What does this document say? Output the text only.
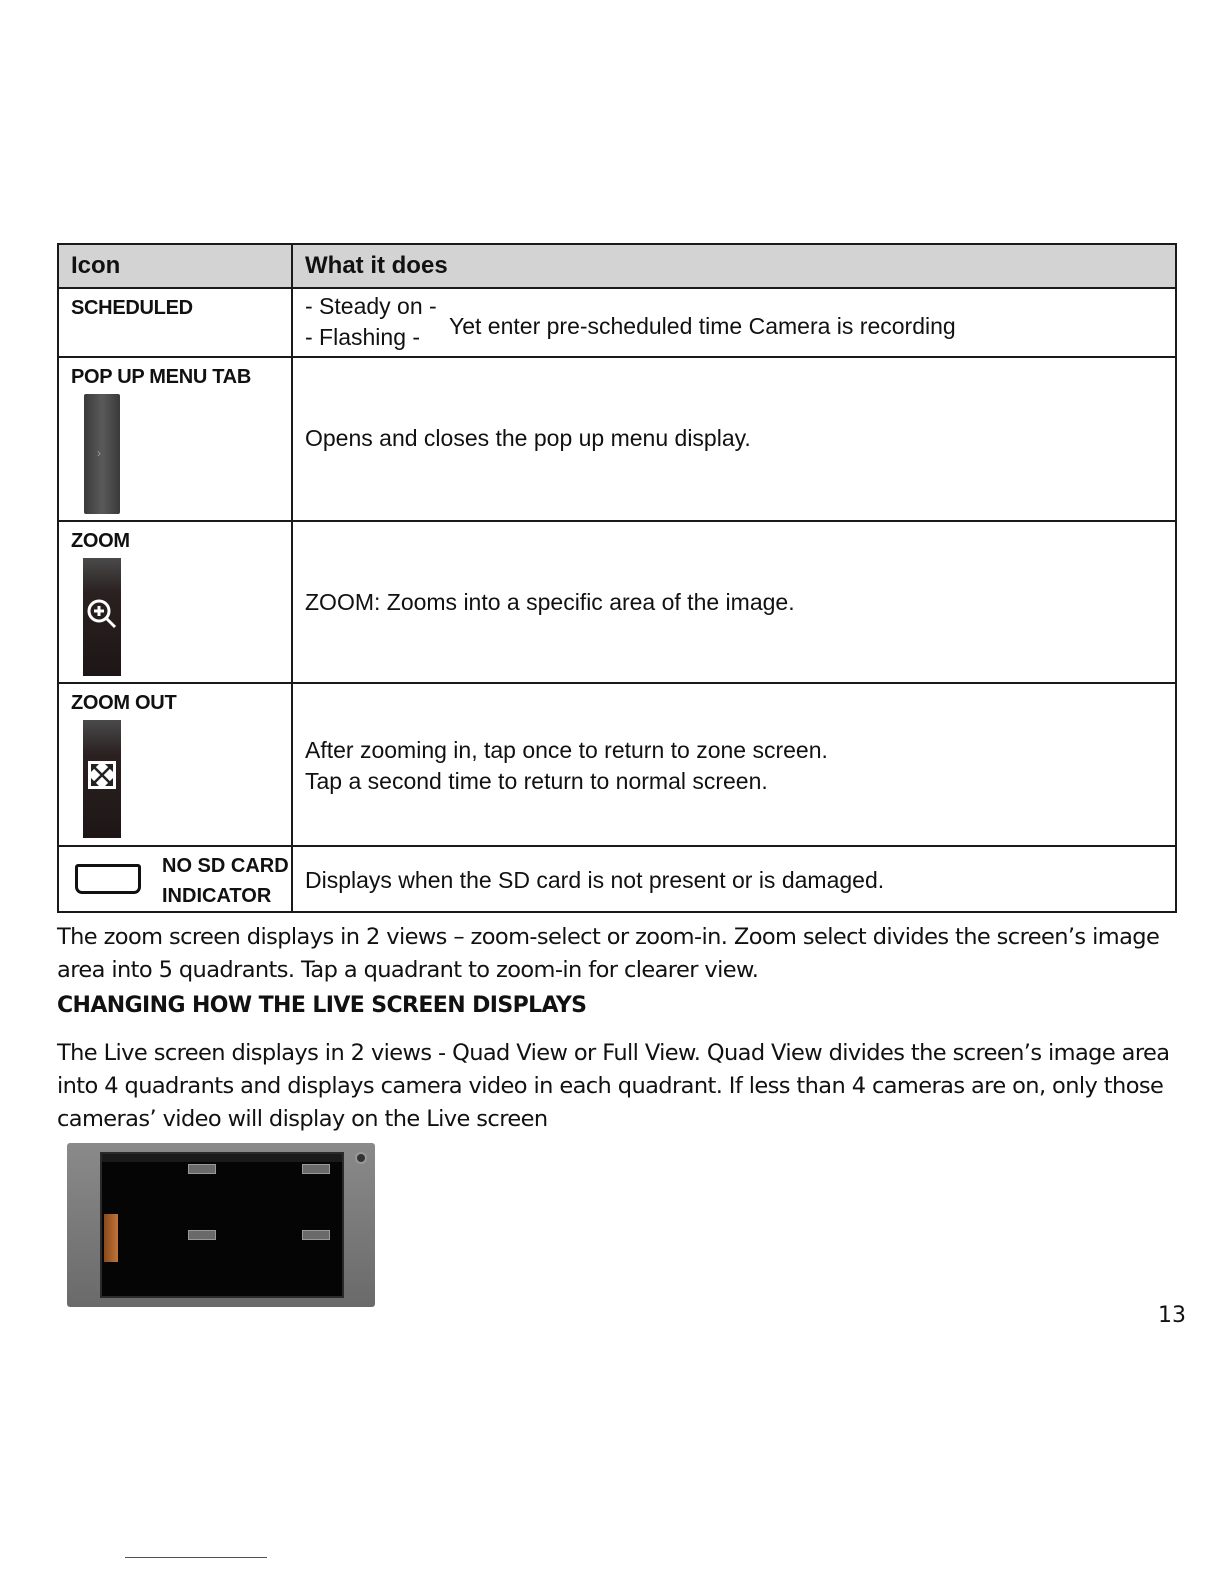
Icon	What it does
SCHEDULED	- Steady on -
- Flashing - Yet enter pre-scheduled time Camera is recording
POP UP MENU TAB
›
Opens and closes the pop up menu display.
ZOOM
ZOOM: Zooms into a specific area of the image.
ZOOM OUT
After zooming in, tap once to return to zone screen.
Tap a second time to return to normal screen.
NO SD CARD
INDICATOR
Displays when the SD card is not present or is damaged.
The zoom screen displays in 2 views – zoom-select or zoom-in. Zoom select divides the screen’s image area into 5 quadrants. Tap a quadrant to zoom-in for clearer view.
CHANGING HOW THE LIVE SCREEN DISPLAYS
The Live screen displays in 2 views - Quad View or Full View. Quad View divides the screen’s image area into 4 quadrants and displays camera video in each quadrant. If less than 4 cameras are on, only those cameras’ video will display on the Live screen
13
